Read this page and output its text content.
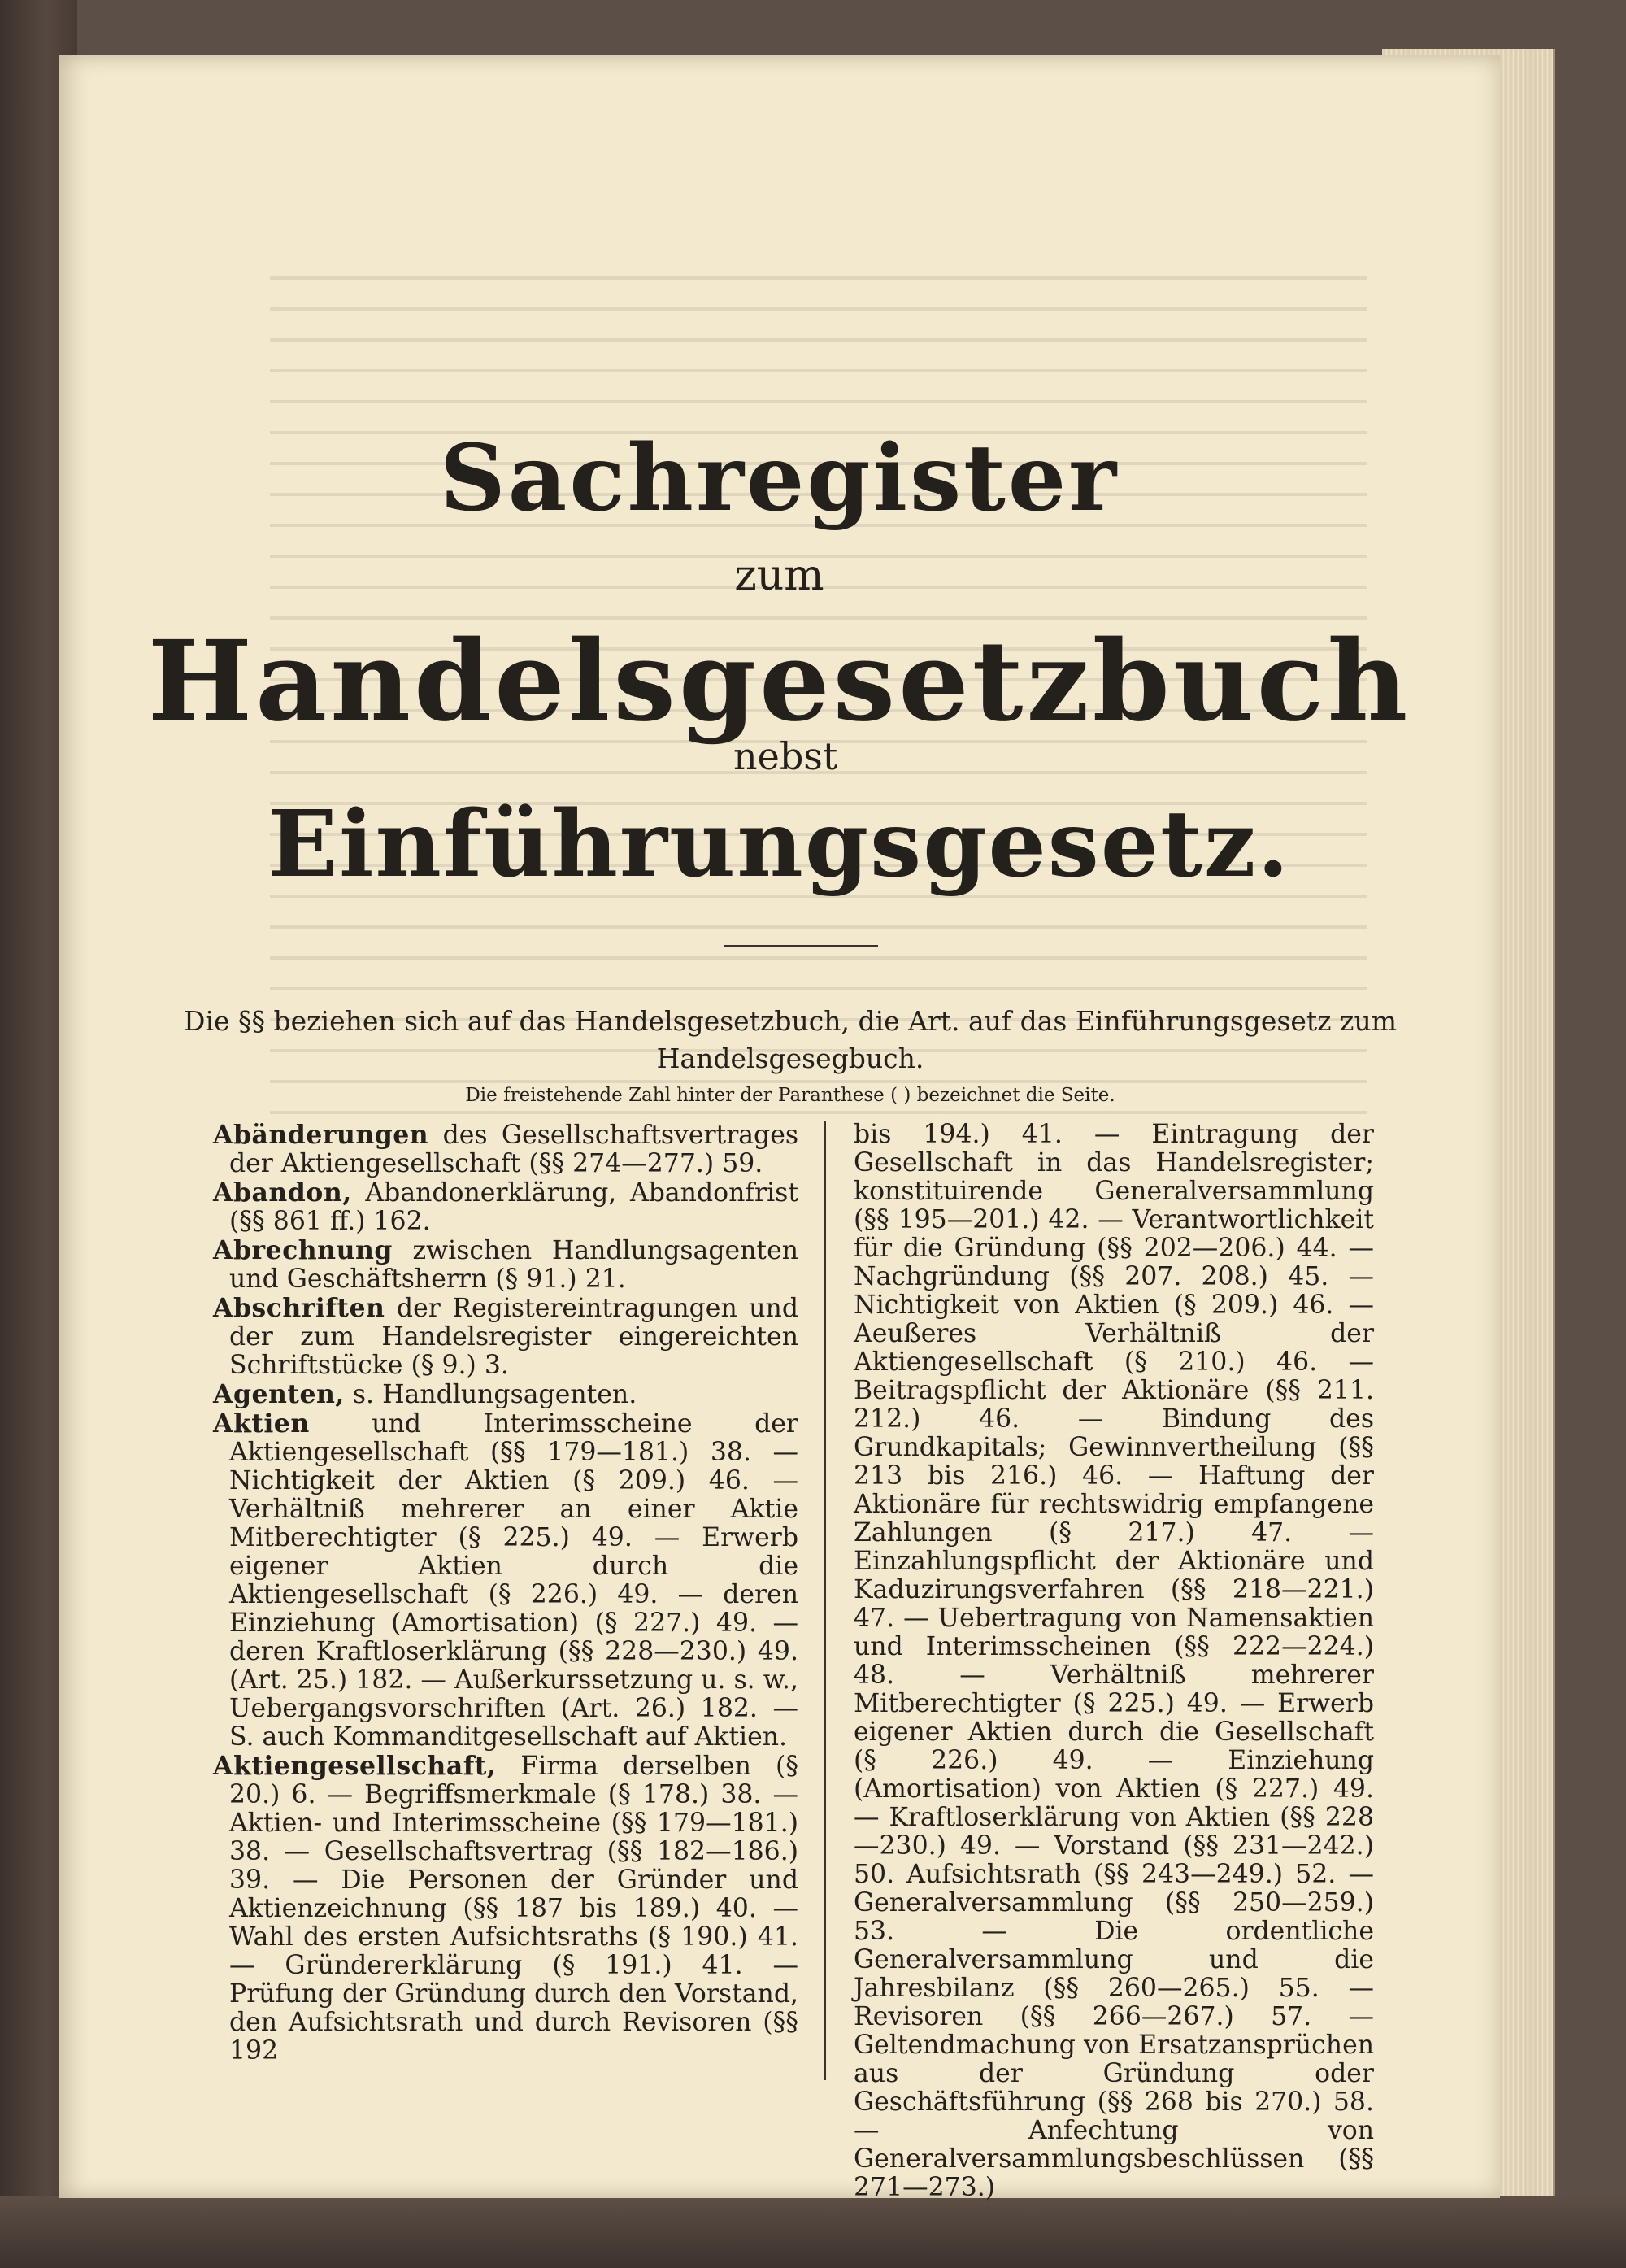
Sachregister
zum
Handelsgesetzbuch
nebst
Einführungsgesetz.
Die §§ beziehen sich auf das Handelsgesetzbuch, die Art. auf das Einführungsgesetz zum Handelsgesegbuch.
Die freistehende Zahl hinter der Paranthese ( ) bezeichnet die Seite.

Abänderungen des Gesellschaftsvertrages der Aktiengesellschaft (§§ 274—277.) 59.

Abandon, Abandonerklärung, Abandonfrist (§§ 861 ff.) 162.

Abrechnung zwischen Handlungsagenten und Geschäftsherrn (§ 91.) 21.

Abschriften der Registereintragungen und der zum Handelsregister eingereichten Schriftstücke (§ 9.) 3.

Agenten, s. Handlungsagenten.

Aktien und Interimsscheine der Aktiengesellschaft (§§ 179—181.) 38. — Nichtigkeit der Aktien (§ 209.) 46. — Verhältniß mehrerer an einer Aktie Mitberechtigter (§ 225.) 49. — Erwerb eigener Aktien durch die Aktiengesellschaft (§ 226.) 49. — deren Einziehung (Amortisation) (§ 227.) 49. — deren Kraftloserklärung (§§ 228—230.) 49. (Art. 25.) 182. — Außerkurssetzung u. s. w., Uebergangsvorschriften (Art. 26.) 182. — S. auch Kommanditgesellschaft auf Aktien.

Aktiengesellschaft, Firma derselben (§ 20.) 6. — Begriffsmerkmale (§ 178.) 38. — Aktien- und Interimsscheine (§§ 179—181.) 38. — Gesellschaftsvertrag (§§ 182—186.) 39. — Die Personen der Gründer und Aktienzeichnung (§§ 187 bis 189.) 40. — Wahl des ersten Aufsichtsraths (§ 190.) 41. — Gründererklärung (§ 191.) 41. — Prüfung der Gründung durch den Vorstand, den Aufsichtsrath und durch Revisoren (§§ 192

bis 194.) 41. — Eintragung der Gesellschaft in das Handelsregister; konstituirende Generalversammlung (§§ 195—201.) 42. — Verantwortlichkeit für die Gründung (§§ 202—206.) 44. — Nachgründung (§§ 207. 208.) 45. — Nichtigkeit von Aktien (§ 209.) 46. — Aeußeres Verhältniß der Aktiengesellschaft (§ 210.) 46. — Beitragspflicht der Aktionäre (§§ 211. 212.) 46. — Bindung des Grundkapitals; Gewinnvertheilung (§§ 213 bis 216.) 46. — Haftung der Aktionäre für rechtswidrig empfangene Zahlungen (§ 217.) 47. — Einzahlungspflicht der Aktionäre und Kaduzirungsverfahren (§§ 218—221.) 47. — Uebertragung von Namensaktien und Interimsscheinen (§§ 222—224.) 48. — Verhältniß mehrerer Mitberechtigter (§ 225.) 49. — Erwerb eigener Aktien durch die Gesellschaft (§ 226.) 49. — Einziehung (Amortisation) von Aktien (§ 227.) 49. — Kraftloserklärung von Aktien (§§ 228—230.) 49. — Vorstand (§§ 231—242.) 50. Aufsichtsrath (§§ 243—249.) 52. — Generalversammlung (§§ 250—259.) 53. — Die ordentliche Generalversammlung und die Jahresbilanz (§§ 260—265.) 55. — Revisoren (§§ 266—267.) 57. — Geltendmachung von Ersatzansprüchen aus der Gründung oder Geschäftsführung (§§ 268 bis 270.) 58. — Anfechtung von Generalversammlungsbeschlüssen (§§ 271—273.)
